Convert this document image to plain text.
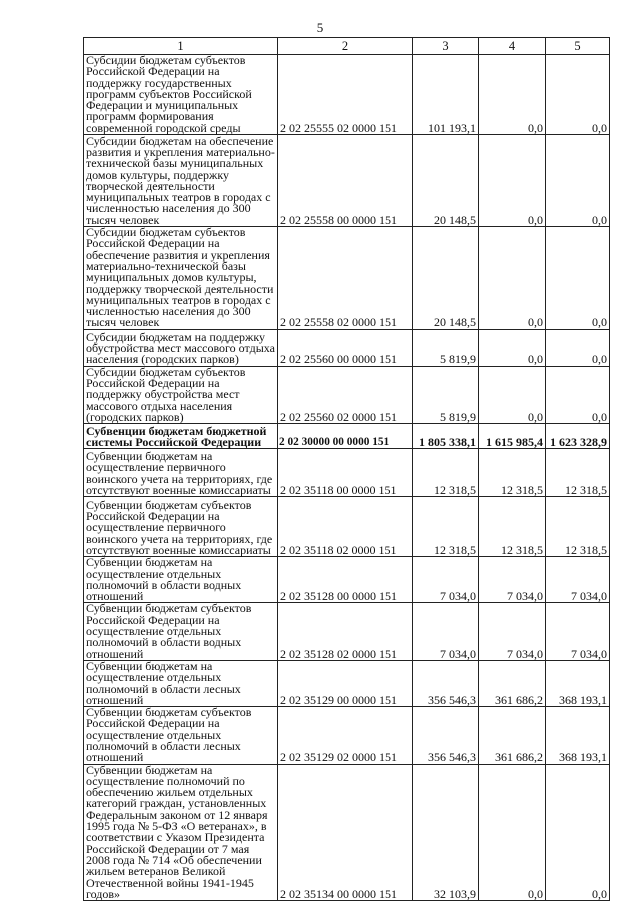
5
1	2	3	4	5
Субсидии бюджетам субъектов Российской Федерации на поддержку государственных программ субъектов Российской Федерации и муниципальных программ формирования современной городской среды	2 02 25555 02 0000 151	101 193,1	0,0	0,0
Субсидии бюджетам на обеспечение развития и укрепления материально-технической базы муниципальных домов культуры, поддержку творческой деятельности муниципальных театров в городах с численностью населения до 300 тысяч человек	2 02 25558 00 0000 151	20 148,5	0,0	0,0
Субсидии бюджетам субъектов Российской Федерации на обеспечение развития и укрепления материально-технической базы муниципальных домов культуры, поддержку творческой деятельности муниципальных театров в городах с численностью населения до 300 тысяч человек	2 02 25558 02 0000 151	20 148,5	0,0	0,0
Субсидии бюджетам на поддержку обустройства мест массового отдыха населения (городских парков)	2 02 25560 00 0000 151	5 819,9	0,0	0,0
Субсидии бюджетам субъектов Российской Федерации на поддержку обустройства мест массового отдыха населения (городских парков)	2 02 25560 02 0000 151	5 819,9	0,0	0,0
Субвенции бюджетам бюджетной системы Российской Федерации	2 02 30000 00 0000 151	1 805 338,1	1 615 985,4	1 623 328,9
Субвенции бюджетам на осуществление первичного воинского учета на территориях, где отсутствуют военные комиссариаты	2 02 35118 00 0000 151	12 318,5	12 318,5	12 318,5
Субвенции бюджетам субъектов Российской Федерации на осуществление первичного воинского учета на территориях, где отсутствуют военные комиссариаты	2 02 35118 02 0000 151	12 318,5	12 318,5	12 318,5
Субвенции бюджетам на осуществление отдельных полномочий в области водных отношений	2 02 35128 00 0000 151	7 034,0	7 034,0	7 034,0
Субвенции бюджетам субъектов Российской Федерации на осуществление отдельных полномочий в области водных отношений	2 02 35128 02 0000 151	7 034,0	7 034,0	7 034,0
Субвенции бюджетам на осуществление отдельных полномочий в области лесных отношений	2 02 35129 00 0000 151	356 546,3	361 686,2	368 193,1
Субвенции бюджетам субъектов Российской Федерации на осуществление отдельных полномочий в области лесных отношений	2 02 35129 02 0000 151	356 546,3	361 686,2	368 193,1
Субвенции бюджетам на осуществление полномочий по обеспечению жильем отдельных категорий граждан, установленных Федеральным законом от 12 января 1995 года № 5-ФЗ «О ветеранах», в соответствии с Указом Президента Российской Федерации от 7 мая 2008 года № 714 «Об обеспечении жильем ветеранов Великой Отечественной войны 1941-1945 годов»	2 02 35134 00 0000 151	32 103,9	0,0	0,0
